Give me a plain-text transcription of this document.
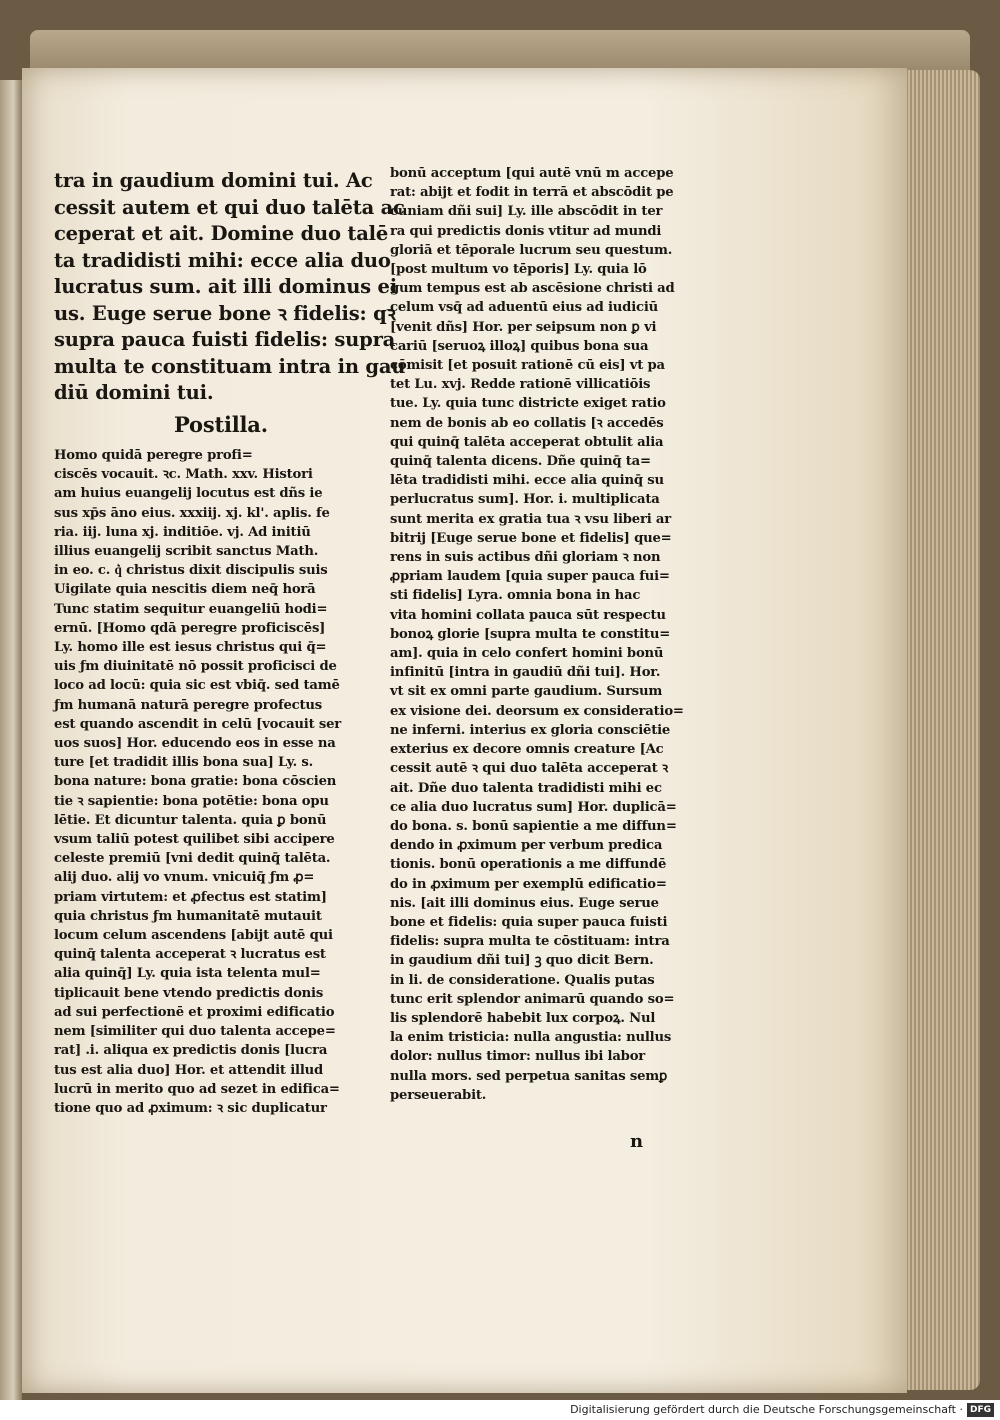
tra in gaudium domini tui. Ac
cessit autem et qui duo talēta ac
ceperat et ait. Domine duo talē
ta tradidisti mihi: ecce alia duo
lucratus sum. ait illi dominus ei
us. Euge serue bone ꝛ fidelis: qꝛ
supra pauca fuisti fidelis: supra
multa te constituam intra in gau
diū domini tui.
Postilla.
Homo quidā peregre profi=
ciscēs vocauit. ꝛc. Math. xxv. Histori
am huius euangelij locutus est dñs ie
sus xp̄s āno eius. xxxiij. xj. kl'. aplis. fe
ria. iij. luna xj. inditiōe. vj. Ad initiū
illius euangelij scribit sanctus Math.
in eo. c. q͛ christus dixit discipulis suis
Uigilate quia nescitis diem neq̄ horā
Tunc statim sequitur euangeliū hodi=
ernū. [Homo qdā peregre proficiscēs]
Ly. homo ille est iesus christus qui q̄=
uis ƒm diuinitatē nō possit proficisci de
loco ad locū: quia sic est vbiq̄. sed tamē
ƒm humanā naturā peregre profectus
est quando ascendit in celū [vocauit ser
uos suos] Hor. educendo eos in esse na
ture [et tradidit illis bona sua] Ly. s.
bona nature: bona gratie: bona cōscien
tie ꝛ sapientie: bona potētie: bona opu
lētie. Et dicuntur talenta. quia ꝑ bonū
vsum taliū potest quilibet sibi accipere
celeste premiū [vni dedit quinq̄ talēta.
alij duo. alij vo vnum. vnicuiq̄ ƒm ꝓ=
priam virtutem: et ꝓfectus est statim]
quia christus ƒm humanitatē mutauit
locum celum ascendens [abijt autē qui
quinq̄ talenta acceperat ꝛ lucratus est
alia quinq̄] Ly. quia ista telenta mul=
tiplicauit bene vtendo predictis donis
ad sui perfectionē et proximi edificatio
nem [similiter qui duo talenta accepe=
rat] .i. aliqua ex predictis donis [lucra
tus est alia duo] Hor. et attendit illud
lucrū in merito quo ad sezet in edifica=
tione quo ad ꝓximum: ꝛ sic duplicatur
bonū acceptum [qui autē vnū m accepe
rat: abijt et fodit in terrā et abscōdit pe
cuniam dñi sui] Ly. ille abscōdit in ter
ra qui predictis donis vtitur ad mundi
gloriā et tēporale lucrum seu questum.
[post multum vo tēporis] Ly. quia lō
gum tempus est ab ascēsione christi ad
celum vsq̄ ad aduentū eius ad iudiciū
[venit dñs] Hor. per seipsum non ꝑ vi
cariū [seruoꝝ illoꝝ] quibus bona sua
cōmisit [et posuit rationē cū eis] vt pa
tet Lu. xvj. Redde rationē villicatiōis
tue. Ly. quia tunc districte exiget ratio
nem de bonis ab eo collatis [ꝛ accedēs
qui quinq̄ talēta acceperat obtulit alia
quinq̄ talenta dicens. Dñe quinq̄ ta=
lēta tradidisti mihi. ecce alia quinq̄ su
perlucratus sum]. Hor. i. multiplicata
sunt merita ex gratia tua ꝛ vsu liberi ar
bitrij [Euge serue bone et fidelis] que=
rens in suis actibus dñi gloriam ꝛ non
ꝓpriam laudem [quia super pauca fui=
sti fidelis] Lyra. omnia bona in hac
vita homini collata pauca sūt respectu
bonoꝝ glorie [supra multa te constitu=
am]. quia in celo confert homini bonū
infinitū [intra in gaudiū dñi tui]. Hor.
vt sit ex omni parte gaudium. Sursum
ex visione dei. deorsum ex consideratio=
ne inferni. interius ex gloria consciētie
exterius ex decore omnis creature [Ac
cessit autē ꝛ qui duo talēta acceperat ꝛ
ait. Dñe duo talenta tradidisti mihi ec
ce alia duo lucratus sum] Hor. duplicā=
do bona. s. bonū sapientie a me diffun=
dendo in ꝓximum per verbum predica
tionis. bonū operationis a me diffundē
do in ꝓximum per exemplū edificatio=
nis. [ait illi dominus eius. Euge serue
bone et fidelis: quia super pauca fuisti
fidelis: supra multa te cōstituam: intra
in gaudium dñi tui] ꝫ quo dicit Bern.
in li. de consideratione. Qualis putas
tunc erit splendor animarū quando so=
lis splendorē habebit lux corpoꝝ. Nul
la enim tristicia: nulla angustia: nullus
dolor: nullus timor: nullus ibi labor
nulla mors. sed perpetua sanitas semꝑ
perseuerabit.
n
Digitalisierung gefördert durch die Deutsche Forschungsgemeinschaft · DFG
